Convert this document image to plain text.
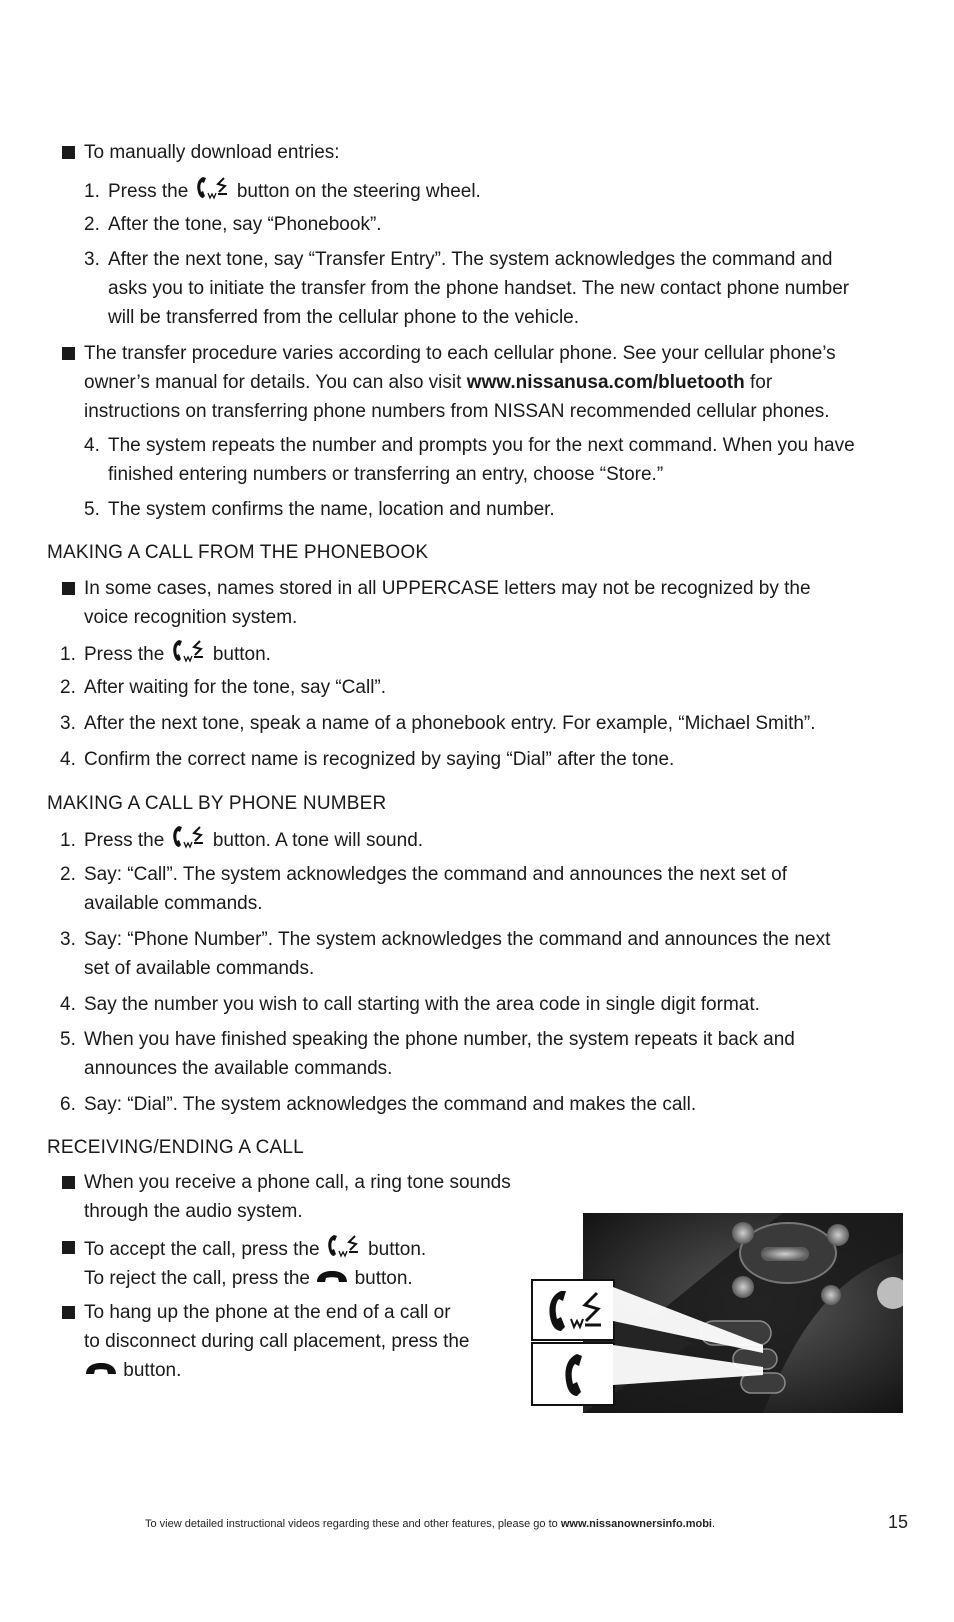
To manually download entries:
1. Press the	button on the steering wheel.
2. After the tone, say “Phonebook”.
3. After the next tone, say “Transfer Entry”. The system acknowledges the command and
asks you to initiate the transfer from the phone handset. The new contact phone number
will be transferred from the cellular phone to the vehicle.
The transfer procedure varies according to each cellular phone. See your cellular phone’s
owner’s manual for details. You can also visit www.nissanusa.com/bluetooth for
instructions on transferring phone numbers from NISSAN recommended cellular phones.
4. The system repeats the number and prompts you for the next command. When you have
finished entering numbers or transferring an entry, choose “Store.”
5. The system confirms the name, location and number.
MAKING A CALL FROM THE PHONEBOOK
In some cases, names stored in all UPPERCASE letters may not be recognized by the
voice recognition system.
1. Press the	button.
2. After waiting for the tone, say “Call”.
3. After the next tone, speak a name of a phonebook entry. For example, “Michael Smith”.
4. Confirm the correct name is recognized by saying “Dial” after the tone.
MAKING A CALL BY PHONE NUMBER
1. Press the	button. A tone will sound.
2. Say: “Call”. The system acknowledges the command and announces the next set of
available commands.
3. Say: “Phone Number”. The system acknowledges the command and announces the next
set of available commands.
4. Say the number you wish to call starting with the area code in single digit format.
5. When you have finished speaking the phone number, the system repeats it back and
announces the available commands.
6. Say: “Dial”. The system acknowledges the command and makes the call.
RECEIVING/ENDING A CALL
When you receive a phone call, a ring tone sounds
through the audio system.
To accept the call, press the	button.
To reject the call, press the button.
To hang up the phone at the end of a call or
to disconnect during call placement, press the
button.
To view detailed instructional videos regarding these and other features, please go to www.nissanownersinfo.mobi.	15
